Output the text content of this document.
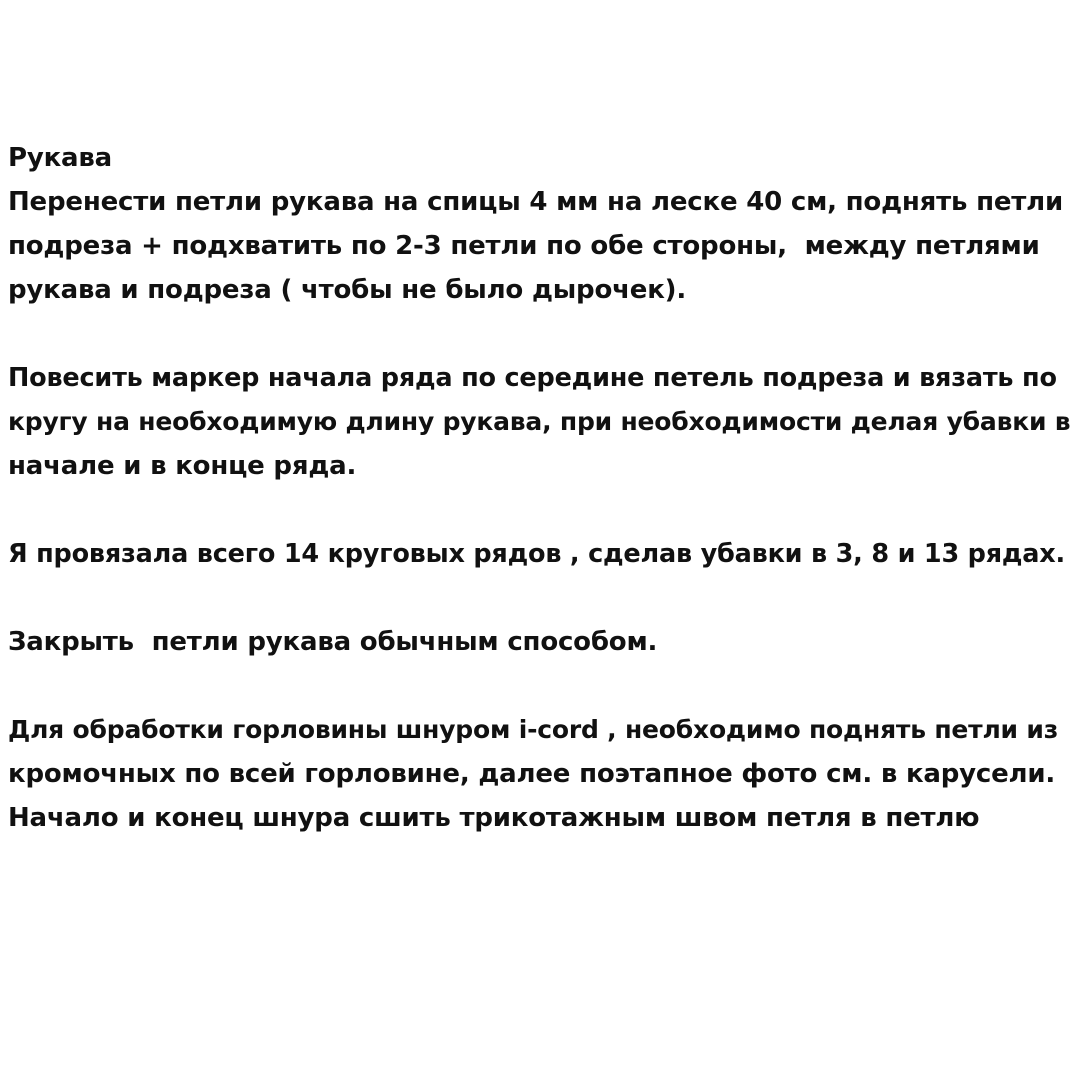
Рукава
Перенести петли рукава на спицы 4 мм на леске 40 см, поднять петли
подреза + подхватить по 2-3 петли по обе стороны,  между петлями
рукава и подреза ( чтобы не было дырочек).
Повесить маркер начала ряда по середине петель подреза и вязать по
кругу на необходимую длину рукава, при необходимости делая убавки в
начале и в конце ряда.
Я провязала всего 14 круговых рядов , сделав убавки в 3, 8 и 13 рядах.
Закрыть  петли рукава обычным способом.
Для обработки горловины шнуром i-cord , необходимо поднять петли из
кромочных по всей горловине, далее поэтапное фото см. в карусели.
Начало и конец шнура сшить трикотажным швом петля в петлю
